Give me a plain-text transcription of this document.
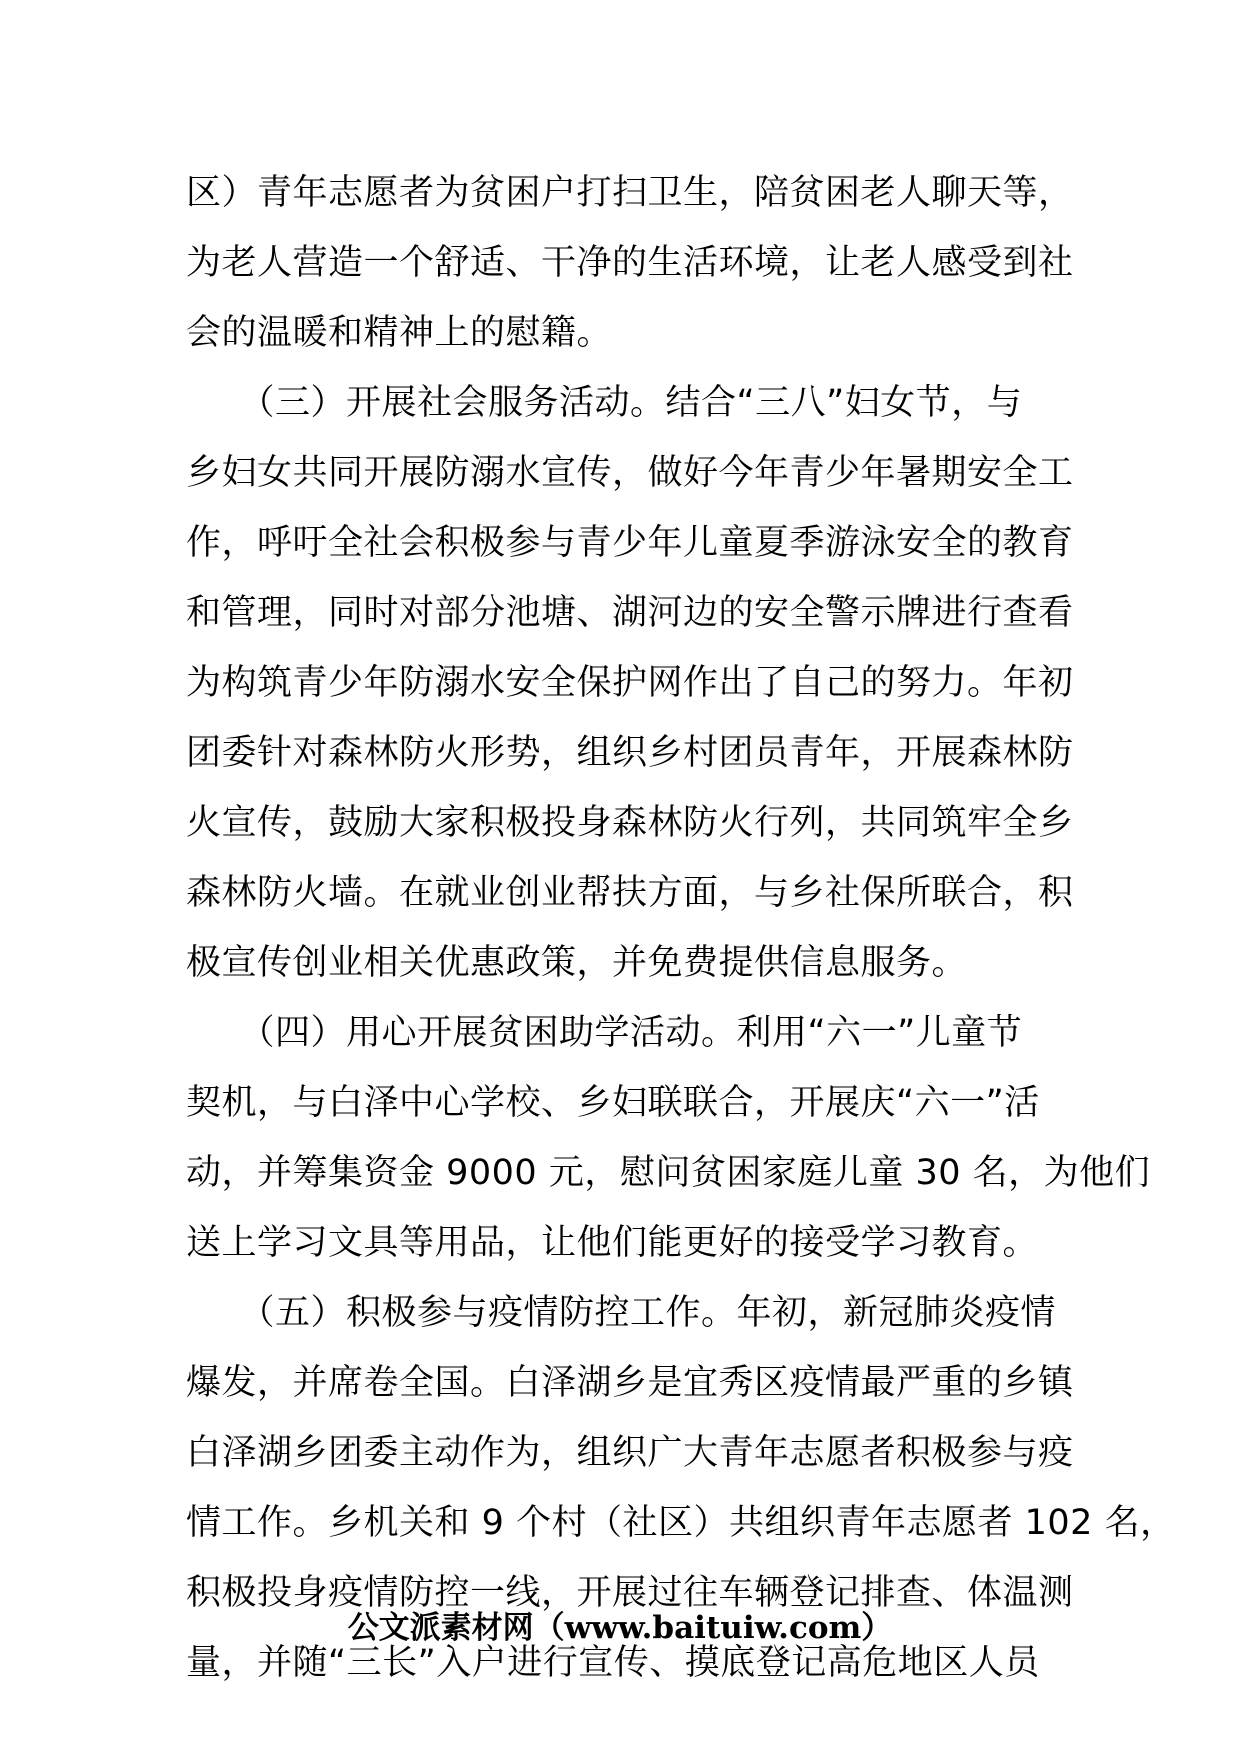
区）青年志愿者为贫困户打扫卫生，陪贫困老人聊天等，
为老人营造一个舒适、干净的生活环境，让老人感受到社
会的温暖和精神上的慰籍。
　　（三）开展社会服务活动。结合“三八”妇女节，与
乡妇女共同开展防溺水宣传，做好今年青少年暑期安全工
作，呼吁全社会积极参与青少年儿童夏季游泳安全的教育
和管理，同时对部分池塘、湖河边的安全警示牌进行查看
为构筑青少年防溺水安全保护网作出了自己的努力。年初
团委针对森林防火形势，组织乡村团员青年，开展森林防
火宣传，鼓励大家积极投身森林防火行列，共同筑牢全乡
森林防火墙。在就业创业帮扶方面，与乡社保所联合，积
极宣传创业相关优惠政策，并免费提供信息服务。
　　（四）用心开展贫困助学活动。利用“六一”儿童节
契机，与白泽中心学校、乡妇联联合，开展庆“六一”活
动，并筹集资金 9000 元，慰问贫困家庭儿童 30 名，为他们
送上学习文具等用品，让他们能更好的接受学习教育。
　　（五）积极参与疫情防控工作。年初，新冠肺炎疫情
爆发，并席卷全国。白泽湖乡是宜秀区疫情最严重的乡镇
白泽湖乡团委主动作为，组织广大青年志愿者积极参与疫
情工作。乡机关和 9 个村（社区）共组织青年志愿者 102 名，
积极投身疫情防控一线，开展过往车辆登记排查、体温测
量，并随“三长”入户进行宣传、摸底登记高危地区人员
公文派素材网（www.baituiw.com）
